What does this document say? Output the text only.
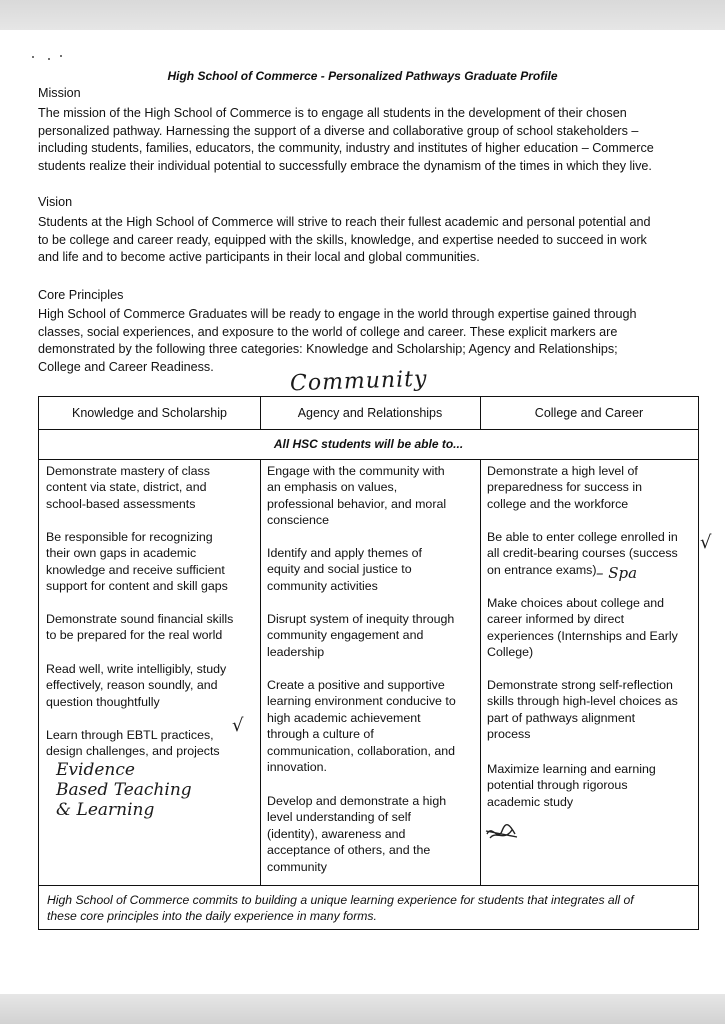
High School of Commerce - Personalized Pathways Graduate Profile
Mission
The mission of the High School of Commerce is to engage all students in the development of their chosen
personalized pathway. Harnessing the support of a diverse and collaborative group of school stakeholders –
including students, families, educators, the community, industry and institutes of higher education – Commerce
students realize their individual potential to successfully embrace the dynamism of the times in which they live.
Vision
Students at the High School of Commerce will strive to reach their fullest academic and personal potential and
to be college and career ready, equipped with the skills, knowledge, and expertise needed to succeed in work
and life and to become active participants in their local and global communities.
Core Principles
High School of Commerce Graduates will be ready to engage in the world through expertise gained through
classes, social experiences, and exposure to the world of college and career. These explicit markers are
demonstrated by the following three categories: Knowledge and Scholarship; Agency and Relationships;
College and Career Readiness.
Community
Knowledge and Scholarship	Agency and Relationships	College and Career
All HSC students will be able to...
Demonstrate mastery of class
content via state, district, and
school-based assessments
Be responsible for recognizing
their own gaps in academic
knowledge and receive sufficient
support for content and skill gaps
Demonstrate sound financial skills
to be prepared for the real world
Read well, write intelligibly, study
effectively, reason soundly, and
question thoughtfully
Learn through EBTL practices,
design challenges, and projects
Engage with the community with
an emphasis on values,
professional behavior, and moral
conscience
Identify and apply themes of
equity and social justice to
community activities
Disrupt system of inequity through
community engagement and
leadership
Create a positive and supportive
learning environment conducive to
high academic achievement
through a culture of
communication, collaboration, and
innovation.
Develop and demonstrate a high
level understanding of self
(identity), awareness and
acceptance of others, and the
community
Demonstrate a high level of
preparedness for success in
college and the workforce
Be able to enter college enrolled in
all credit-bearing courses (success
on entrance exams)
Make choices about college and
career informed by direct
experiences (Internships and Early
College)
Demonstrate strong self-reflection
skills through high-level choices as
part of pathways alignment
process
Maximize learning and earning
potential through rigorous
academic study
High School of Commerce commits to building a unique learning experience for students that integrates all of
these core principles into the daily experience in many forms.
√
√
– Spa
Evidence
Based Teaching
& Learning
